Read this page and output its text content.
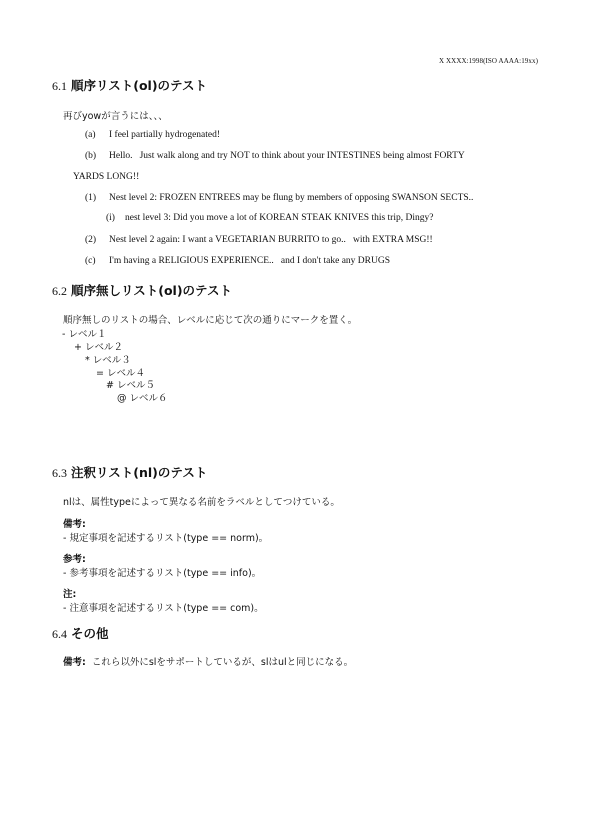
X XXXX:1998(ISO AAAA:19xx)
6.1 順序リスト(ol)のテスト
再びyowが言うには、、、
(a) I feel partially hydrogenated!
(b) Hello.   Just walk along and try NOT to think about your INTESTINES being almost FORTY
YARDS LONG!!
(1) Nest level 2: FROZEN ENTREES may be flung by members of opposing SWANSON SECTS..
(i) nest level 3: Did you move a lot of KOREAN STEAK KNIVES this trip, Dingy?
(2) Nest level 2 again: I want a VEGETARIAN BURRITO to go..   with EXTRA MSG!!
(c) I'm having a RELIGIOUS EXPERIENCE..   and I don't take any DRUGS
6.2 順序無しリスト(ol)のテスト
順序無しのリストの場合、レベルに応じて次の通りにマークを置く。
- レベル１
+ レベル２
* レベル３
= レベル４
# レベル５
@ レベル６
6.3 注釈リスト(nl)のテスト
nlは、属性typeによって異なる名前をラベルとしてつけている。
備考:
- 規定事項を記述するリスト(type == norm)。
参考:
- 参考事項を記述するリスト(type == info)。
注:
- 注意事項を記述するリスト(type == com)。
6.4 その他
備考: これら以外にslをサポートしているが、slはulと同じになる。
